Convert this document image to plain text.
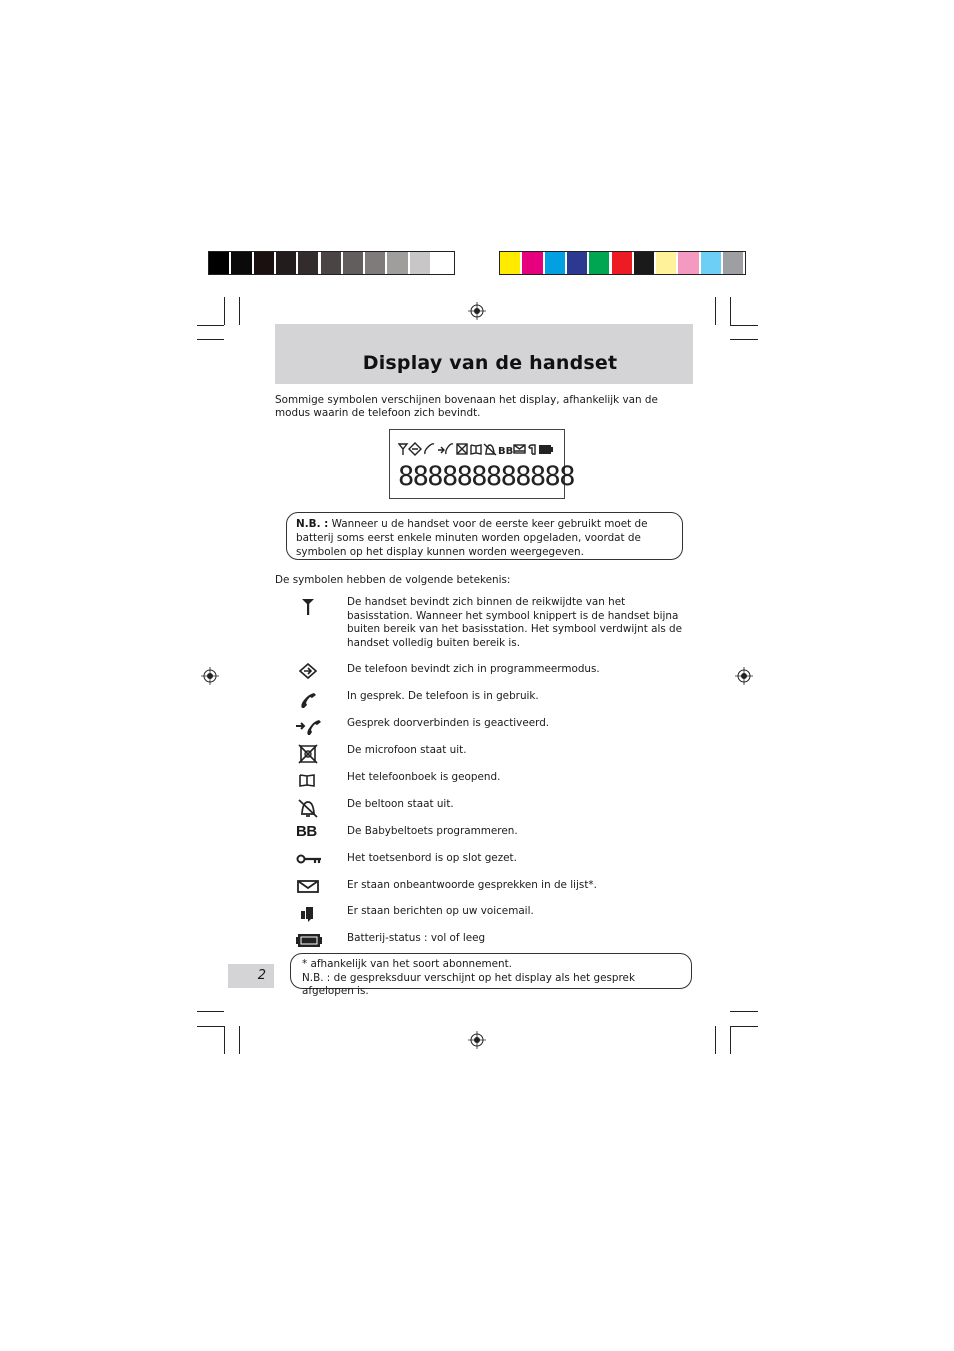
Display van de handset
Sommige symbolen verschijnen bovenaan het display, afhankelijk van de modus waarin de telefoon zich bevindt.
BB
888888888888
N.B. : Wanneer u de handset voor de eerste keer gebruikt moet de batterij soms eerst enkele minuten worden opgeladen, voordat de symbolen op het display kunnen worden weergegeven.
De symbolen hebben de volgende betekenis:
De handset bevindt zich binnen de reikwijdte van het basisstation. Wanneer het symbool knippert is de handset bijna buiten bereik van het basisstation. Het symbool verdwijnt als de handset volledig buiten bereik is.
De telefoon bevindt zich in programmeermodus.
In gesprek. De telefoon is in gebruik.
Gesprek doorverbinden is geactiveerd.
De microfoon staat uit.
Het telefoonboek is geopend.
De beltoon staat uit.
BB	De Babybeltoets programmeren.
Het toetsenbord is op slot gezet.
Er staan onbeantwoorde gesprekken in de lijst*.
Er staan berichten op uw voicemail.
Batterij-status : vol of leeg
2
* afhankelijk van het soort abonnement.
N.B. : de gespreksduur verschijnt op het display als het gesprek afgelopen is.
